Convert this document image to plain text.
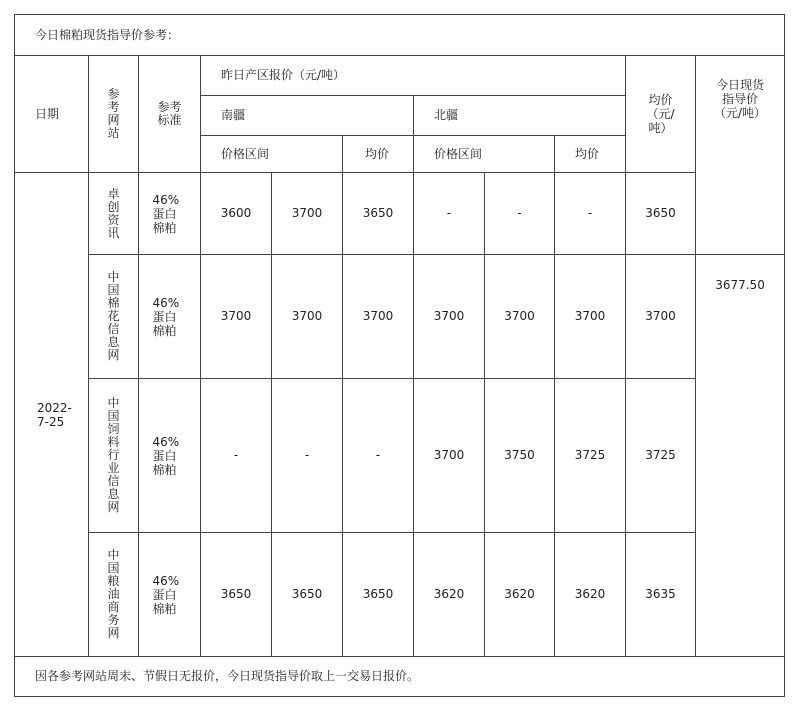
今日棉粕现货指导价参考：										
日期	参考网站	参考标准	昨日产区报价（元/吨）						均价（元/吨）	今日现货指导价（元/吨）
			南疆			北疆				
			价格区间		均价	价格区间		均价		
2022-7-25	卓创资讯	46%蛋白棉粕	3600	3700	3650	-	-	-	3650	
	中国棉花信息网	46%蛋白棉粕	3700	3700	3700	3700	3700	3700	3700	3677.50
	中国饲料行业信息网	46%蛋白棉粕	-	-	-	3700	3750	3725	3725	
	中国粮油商务网	46%蛋白棉粕	3650	3650	3650	3620	3620	3620	3635	
因各参考网站周末、节假日无报价，今日现货指导价取上一交易日报价。										
